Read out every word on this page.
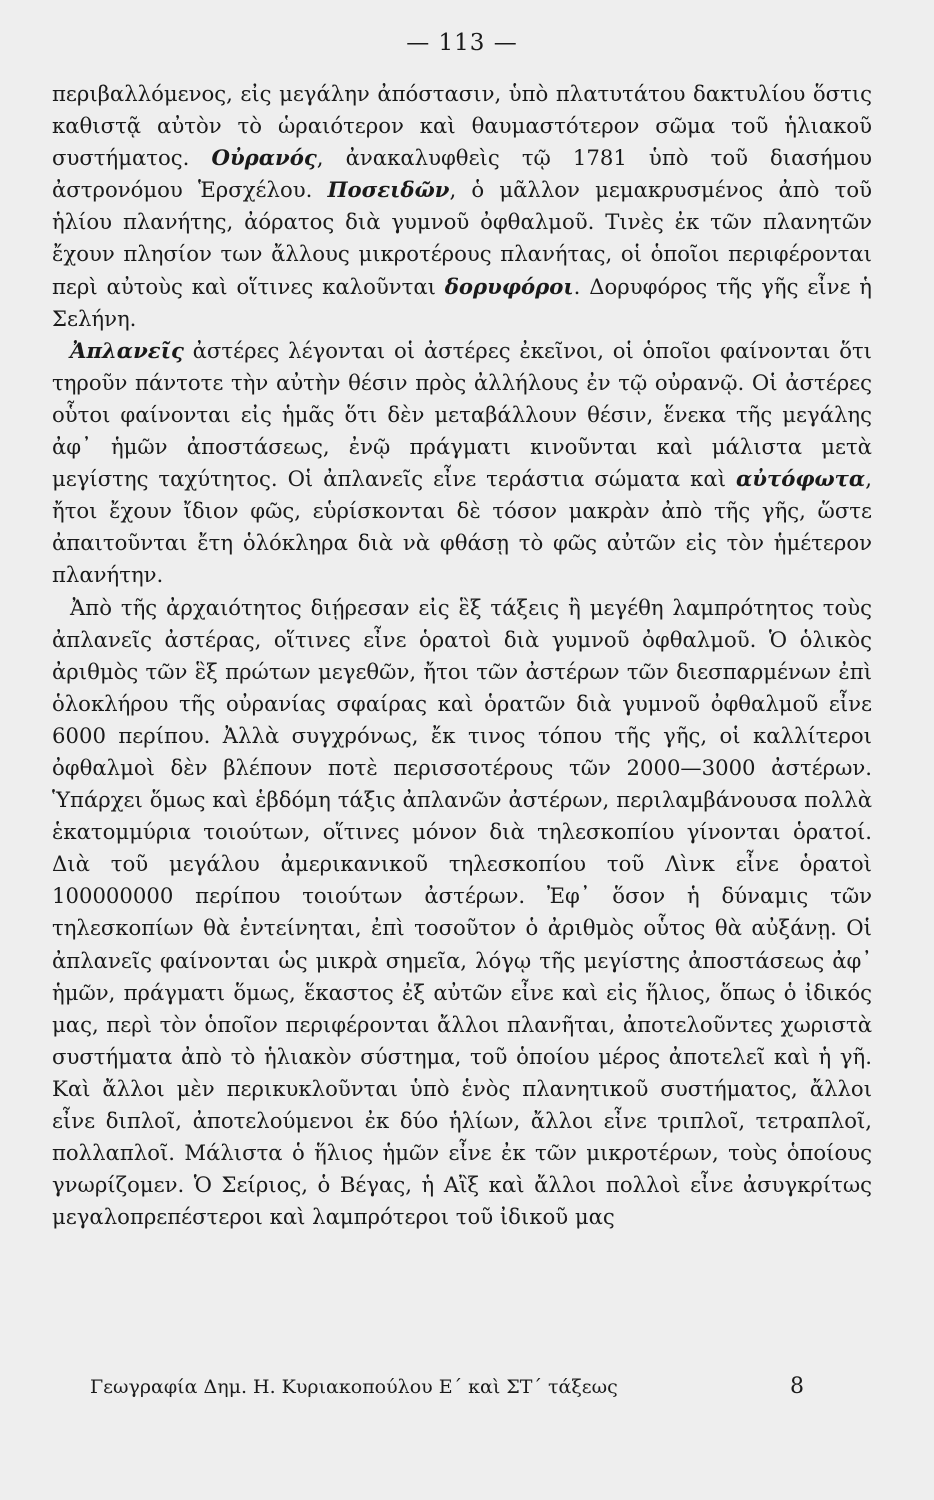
— 113 —

περιβαλλόμενος, εἰς μεγάλην ἀπόστασιν, ὑπὸ πλατυτάτου δακτυλίου ὅστις καθιστᾷ αὐτὸν τὸ ὡραιότερον καὶ θαυμαστότερον σῶμα τοῦ ἡλιακοῦ συστήματος. Οὐρανός, ἀνακαλυφθεὶς τῷ 1781 ὑπὸ τοῦ διασήμου ἀστρονόμου Ἑρσχέλου. Ποσειδῶν, ὁ μᾶλλον μεμακρυσμένος ἀπὸ τοῦ ἡλίου πλανήτης, ἀόρατος διὰ γυμνοῦ ὀφθαλμοῦ. Τινὲς ἐκ τῶν πλανητῶν ἔχουν πλησίον των ἄλλους μικροτέρους πλανήτας, οἱ ὁποῖοι περιφέρονται περὶ αὐτοὺς καὶ οἵτινες καλοῦνται δορυφόροι. Δορυφόρος τῆς γῆς εἶνε ἡ Σελήνη.

Ἀπλανεῖς ἀστέρες λέγονται οἱ ἀστέρες ἐκεῖνοι, οἱ ὁποῖοι φαίνονται ὅτι τηροῦν πάντοτε τὴν αὐτὴν θέσιν πρὸς ἀλλήλους ἐν τῷ οὐρανῷ. Οἱ ἀστέρες οὗτοι φαίνονται εἰς ἡμᾶς ὅτι δὲν μεταβάλλουν θέσιν, ἕνεκα τῆς μεγάλης ἀφ᾽ ἡμῶν ἀποστάσεως, ἐνῷ πράγματι κινοῦνται καὶ μάλιστα μετὰ μεγίστης ταχύτητος. Οἱ ἀπλανεῖς εἶνε τεράστια σώματα καὶ αὐτόφωτα, ἤτοι ἔχουν ἴδιον φῶς, εὑρίσκονται δὲ τόσον μακρὰν ἀπὸ τῆς γῆς, ὥστε ἀπαιτοῦνται ἔτη ὁλόκληρα διὰ νὰ φθάσῃ τὸ φῶς αὐτῶν εἰς τὸν ἡμέτερον πλανήτην.

Ἀπὸ τῆς ἀρχαιότητος διῄρεσαν εἰς ἓξ τάξεις ἢ μεγέθη λαμπρότητος τοὺς ἀπλανεῖς ἀστέρας, οἵτινες εἶνε ὁρατοὶ διὰ γυμνοῦ ὀφθαλμοῦ. Ὁ ὁλικὸς ἀριθμὸς τῶν ἓξ πρώτων μεγεθῶν, ἤτοι τῶν ἀστέρων τῶν διεσπαρμένων ἐπὶ ὁλοκλήρου τῆς οὐρανίας σφαίρας καὶ ὁρατῶν διὰ γυμνοῦ ὀφθαλμοῦ εἶνε 6000 περίπου. Ἀλλὰ συγχρόνως, ἔκ τινος τόπου τῆς γῆς, οἱ καλλίτεροι ὀφθαλμοὶ δὲν βλέπουν ποτὲ περισσοτέρους τῶν 2000—3000 ἀστέρων. Ὑπάρχει ὅμως καὶ ἑβδόμη τάξις ἀπλανῶν ἀστέρων, περιλαμβάνουσα πολλὰ ἑκατομμύρια τοιούτων, οἵτινες μόνον διὰ τηλεσκοπίου γίνονται ὁρατοί. Διὰ τοῦ μεγάλου ἀμερικανικοῦ τηλεσκοπίου τοῦ Λὶνκ εἶνε ὁρατοὶ 100000000 περίπου τοιούτων ἀστέρων. Ἐφ᾽ ὅσον ἡ δύναμις τῶν τηλεσκοπίων θὰ ἐντείνηται, ἐπὶ τοσοῦτον ὁ ἀριθμὸς οὗτος θὰ αὐξάνῃ. Οἱ ἀπλανεῖς φαίνονται ὡς μικρὰ σημεῖα, λόγῳ τῆς μεγίστης ἀποστάσεως ἀφ᾽ ἡμῶν, πράγματι ὅμως, ἕκαστος ἐξ αὐτῶν εἶνε καὶ εἰς ἥλιος, ὅπως ὁ ἰδικός μας, περὶ τὸν ὁποῖον περιφέρονται ἄλλοι πλανῆται, ἀποτελοῦντες χωριστὰ συστήματα ἀπὸ τὸ ἡλιακὸν σύστημα, τοῦ ὁποίου μέρος ἀποτελεῖ καὶ ἡ γῆ. Καὶ ἄλλοι μὲν περικυκλοῦνται ὑπὸ ἑνὸς πλανητικοῦ συστήματος, ἄλλοι εἶνε διπλοῖ, ἀποτελούμενοι ἐκ δύο ἡλίων, ἄλλοι εἶνε τριπλοῖ, τετραπλοῖ, πολλαπλοῖ. Μάλιστα ὁ ἥλιος ἡμῶν εἶνε ἐκ τῶν μικροτέρων, τοὺς ὁποίους γνωρίζομεν. Ὁ Σείριος, ὁ Βέγας, ἡ Αἲξ καὶ ἄλλοι πολλοὶ εἶνε ἀσυγκρίτως μεγαλοπρεπέστεροι καὶ λαμπρότεροι τοῦ ἰδικοῦ μας

Γεωγραφία Δημ. Η. Κυριακοπούλου Ε´ καὶ ΣΤ´ τάξεως	8
